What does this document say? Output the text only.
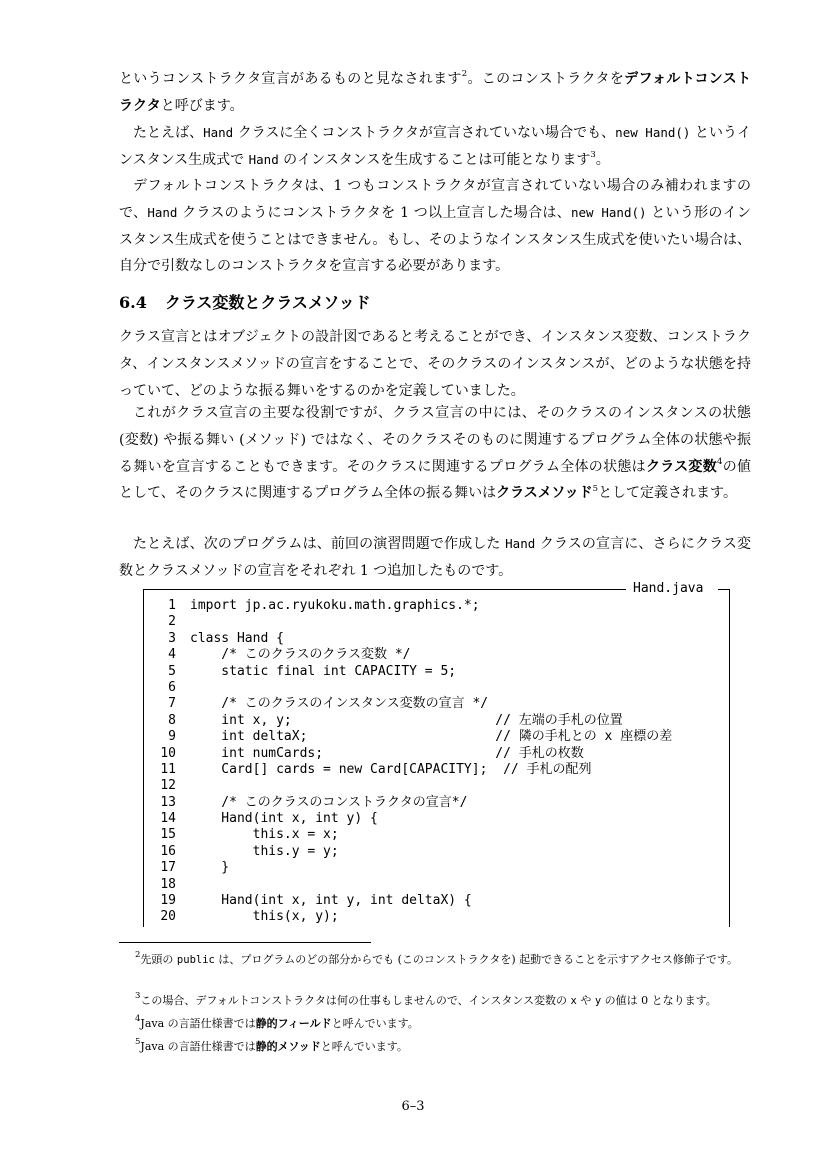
というコンストラクタ宣言があるものと見なされます$^2$。このコンストラクタをデフォルトコンストラクタと呼びます。

たとえば、Hand クラスに全くコンストラクタが宣言されていない場合でも、new Hand() というインスタンス生成式で Hand のインスタンスを生成することは可能となります$^3$。

デフォルトコンストラクタは、1 つもコンストラクタが宣言されていない場合のみ補われますので、Hand クラスのようにコンストラクタを 1 つ以上宣言した場合は、new Hand() という形のインスタンス生成式を使うことはできません。もし、そのようなインスタンス生成式を使いたい場合は、自分で引数なしのコンストラクタを宣言する必要があります。

6.4 クラス変数とクラスメソッド

クラス宣言とはオブジェクトの設計図であると考えることができ、インスタンス変数、コンストラクタ、インスタンスメソッドの宣言をすることで、そのクラスのインスタンスが、どのような状態を持っていて、どのような振る舞いをするのかを定義していました。

これがクラス宣言の主要な役割ですが、クラス宣言の中には、そのクラスのインスタンスの状態 (変数) や振る舞い (メソッド) ではなく、そのクラスそのものに関連するプログラム全体の状態や振る舞いを宣言することもできます。そのクラスに関連するプログラム全体の状態はクラス変数$^4$の値として、そのクラスに関連するプログラム全体の振る舞いはクラスメソッド$^5$として定義されます。

たとえば、次のプログラムは、前回の演習問題で作成した Hand クラスの宣言に、さらにクラス変数とクラスメソッドの宣言をそれぞれ 1 つ追加したものです。

Hand.java
1 import jp.ac.ryukoku.math.graphics.*;
2
3 class Hand {
4 /* このクラスのクラス変数 */
5 static final int CAPACITY = 5;
6
7 /* このクラスのインスタンス変数の宣言 */
8 int x, y;                          // 左端の手札の位置
9 int deltaX;                        // 隣の手札との x 座標の差
10 int numCards;                      // 手札の枚数
11 Card[] cards = new Card[CAPACITY];  // 手札の配列
12
13 /* このクラスのコンストラクタの宣言*/
14 Hand(int x, int y) {
15 this.x = x;
16 this.y = y;
17 }
18
19 Hand(int x, int y, int deltaX) {
20 this(x, y);

$^2$先頭の public は、プログラムのどの部分からでも (このコンストラクタを) 起動できることを示すアクセス修飾子です。

$^3$この場合、デフォルトコンストラクタは何の仕事もしませんので、インスタンス変数の x や y の値は 0 となります。

$^4$Java の言語仕様書では静的フィールドと呼んでいます。

$^5$Java の言語仕様書では静的メソッドと呼んでいます。

6–3
